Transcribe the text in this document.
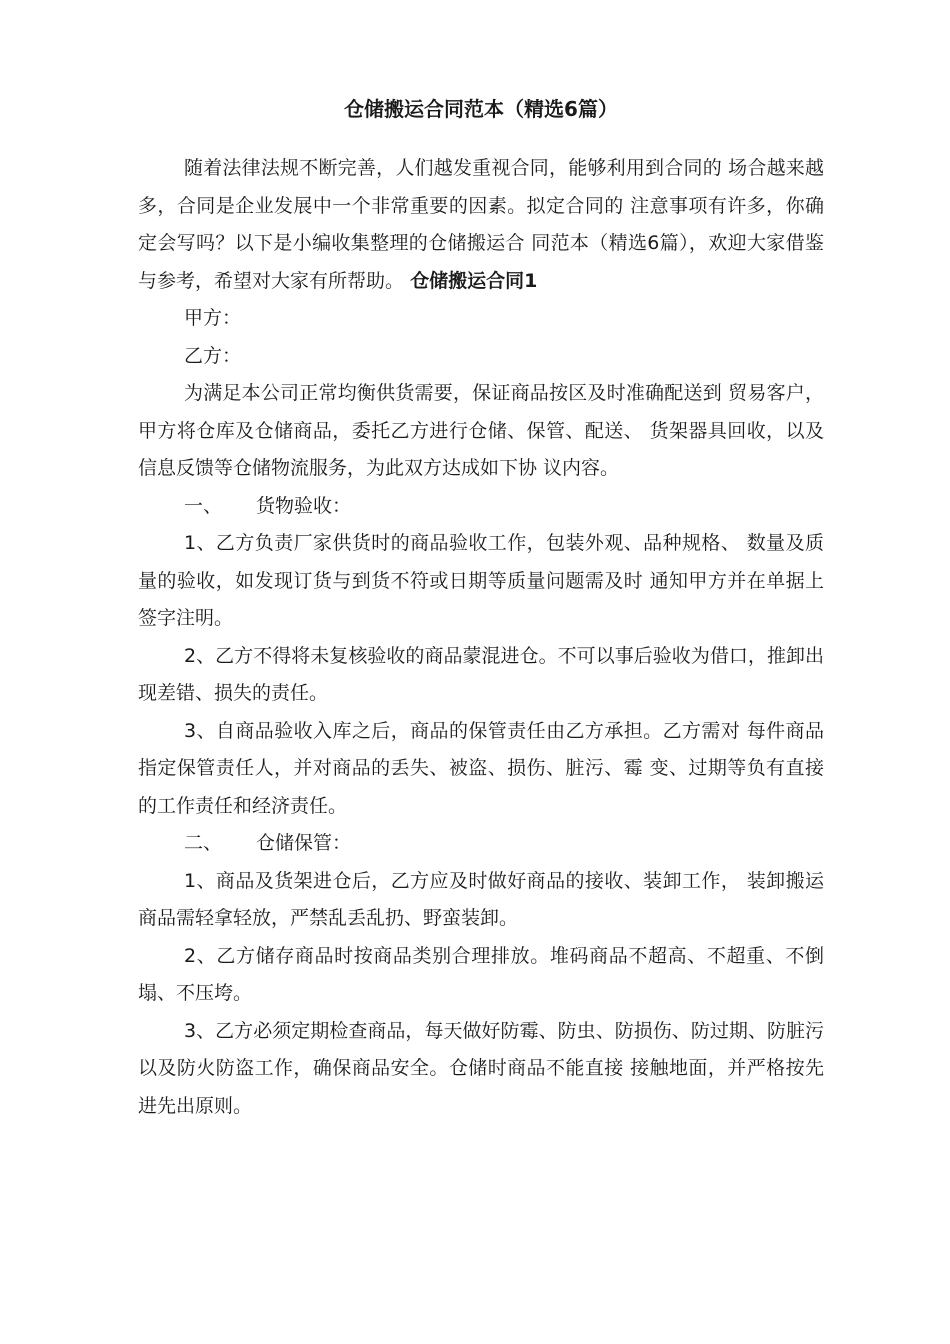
仓储搬运合同范本（精选6篇）

随着法律法规不断完善，人们越发重视合同，能够利用到合同的 场合越来越多，合同是企业发展中一个非常重要的因素。拟定合同的 注意事项有许多，你确定会写吗？以下是小编收集整理的仓储搬运合 同范本（精选6篇），欢迎大家借鉴与参考，希望对大家有所帮助。 仓储搬运合同1

甲方：

乙方：

为满足本公司正常均衡供货需要，保证商品按区及时准确配送到 贸易客户，甲方将仓库及仓储商品，委托乙方进行仓储、保管、配送、 货架器具回收，以及信息反馈等仓储物流服务，为此双方达成如下协 议内容。

一、 货物验收：

1、乙方负责厂家供货时的商品验收工作，包装外观、品种规格、 数量及质量的验收，如发现订货与到货不符或日期等质量问题需及时 通知甲方并在单据上签字注明。

2、乙方不得将未复核验收的商品蒙混进仓。不可以事后验收为借口，推卸出现差错、损失的责任。

3、自商品验收入库之后，商品的保管责任由乙方承担。乙方需对 每件商品指定保管责任人，并对商品的丢失、被盗、损伤、脏污、霉 变、过期等负有直接的工作责任和经济责任。

二、 仓储保管：

1、商品及货架进仓后，乙方应及时做好商品的接收、装卸工作， 装卸搬运商品需轻拿轻放，严禁乱丢乱扔、野蛮装卸。

2、乙方储存商品时按商品类别合理排放。堆码商品不超高、不超重、不倒塌、不压垮。

3、乙方必须定期检查商品，每天做好防霉、防虫、防损伤、防过期、防脏污以及防火防盗工作，确保商品安全。仓储时商品不能直接 接触地面，并严格按先进先出原则。
